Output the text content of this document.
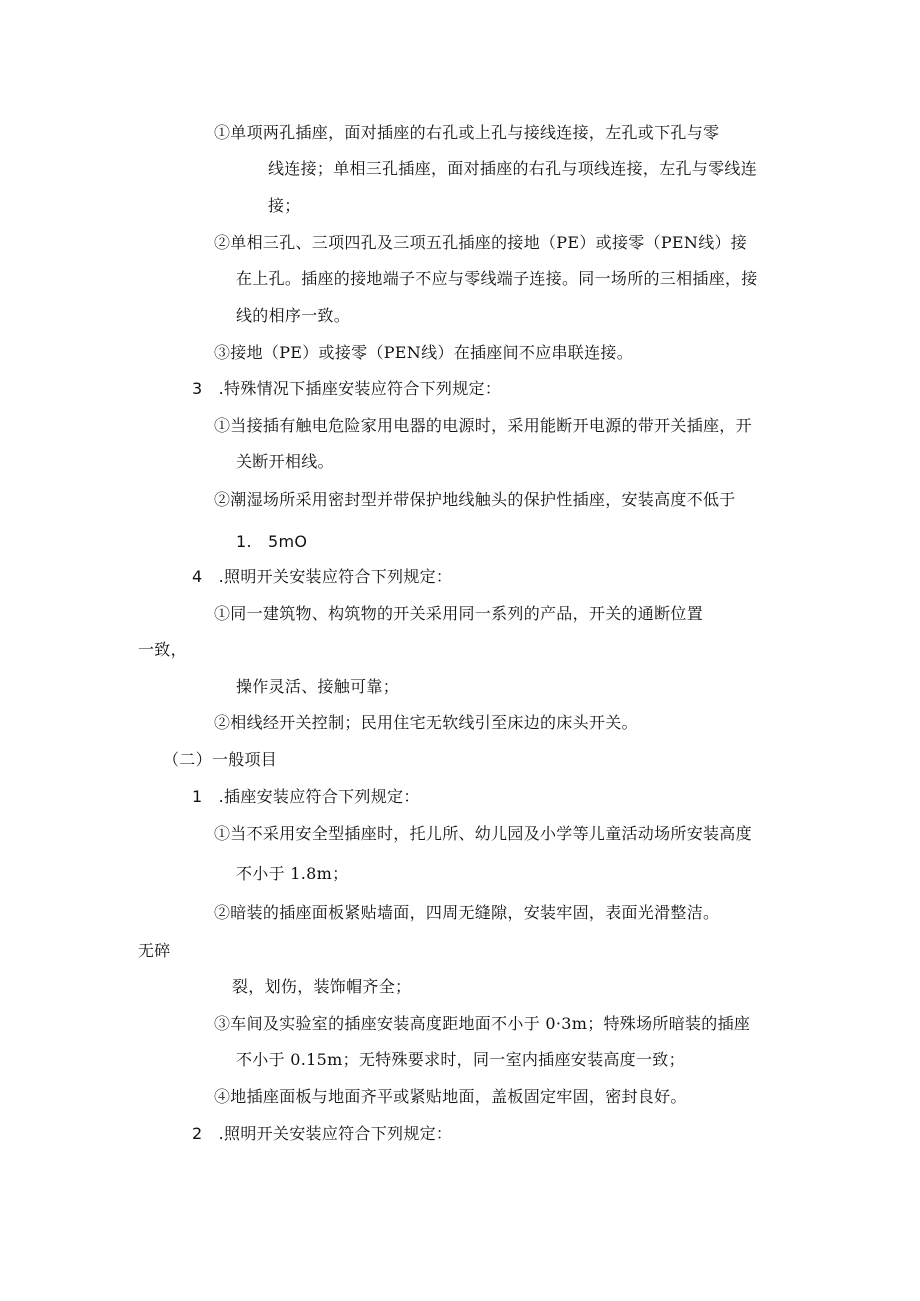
①单项两孔插座，面对插座的右孔或上孔与接线连接，左孔或下孔与零
线连接；单相三孔插座，面对插座的右孔与项线连接，左孔与零线连
接；
②单相三孔、三项四孔及三项五孔插座的接地（PE）或接零（PEN线）接
在上孔。插座的接地端子不应与零线端子连接。同一场所的三相插座，接
线的相序一致。
③接地（PE）或接零（PEN线）在插座间不应串联连接。
3   .特殊情况下插座安装应符合下列规定：
①当接插有触电危险家用电器的电源时，采用能断开电源的带开关插座，开
关断开相线。
②潮湿场所采用密封型并带保护地线触头的保护性插座，安装高度不低于
1.   5mO
4   .照明开关安装应符合下列规定：
①同一建筑物、构筑物的开关采用同一系列的产品，开关的通断位置
一致，
操作灵活、接触可靠；
②相线经开关控制；民用住宅无软线引至床边的床头开关。
（二）一般项目
1   .插座安装应符合下列规定：
①当不采用安全型插座时，托儿所、幼儿园及小学等儿童活动场所安装高度
不小于 1.8m；
②暗装的插座面板紧贴墙面，四周无缝隙，安装牢固，表面光滑整洁。
无碎
裂，划伤，装饰帽齐全；
③车间及实验室的插座安装高度距地面不小于 0·3m；特殊场所暗装的插座
不小于 0.15m；无特殊要求时，同一室内插座安装高度一致；
④地插座面板与地面齐平或紧贴地面，盖板固定牢固，密封良好。
2   .照明开关安装应符合下列规定：
